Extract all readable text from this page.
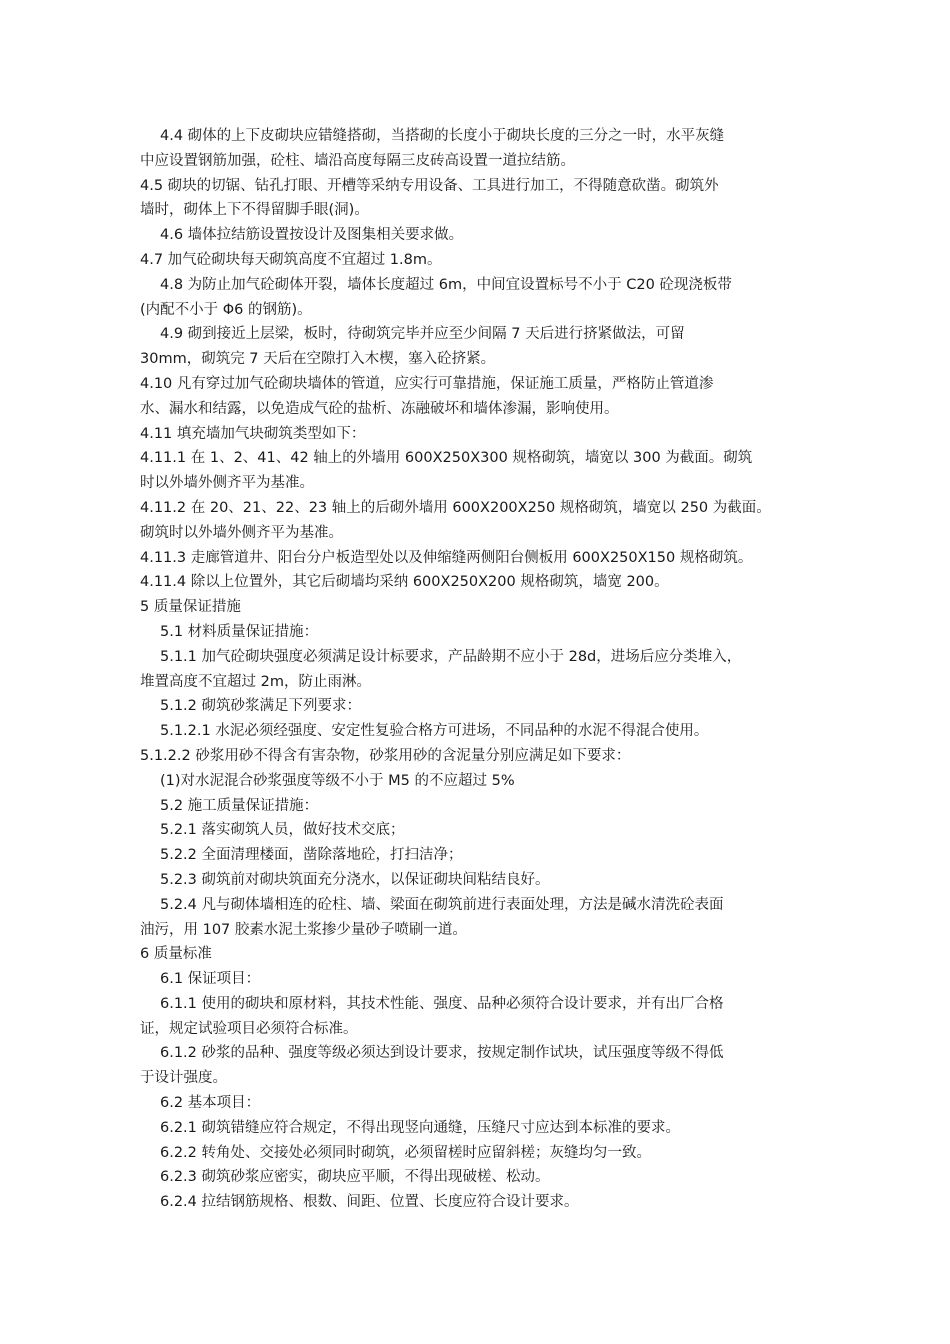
4.4 砌体的上下皮砌块应错缝搭砌，当搭砌的长度小于砌块长度的三分之一时，水平灰缝

中应设置钢筋加强，砼柱、墙沿高度每隔三皮砖高设置一道拉结筋。

4.5 砌块的切锯、钻孔打眼、开槽等采纳专用设备、工具进行加工，不得随意砍凿。砌筑外

墙时，砌体上下不得留脚手眼(洞)。

4.6 墙体拉结筋设置按设计及图集相关要求做。

4.7 加气砼砌块每天砌筑高度不宜超过 1.8m。

4.8 为防止加气砼砌体开裂，墙体长度超过 6m，中间宜设置标号不小于 C20 砼现浇板带

(内配不小于 Φ6 的钢筋)。

4.9 砌到接近上层梁，板时，待砌筑完毕并应至少间隔 7 天后进行挤紧做法，可留

30mm，砌筑完 7 天后在空隙打入木楔，塞入砼挤紧。

4.10 凡有穿过加气砼砌块墙体的管道，应实行可靠措施，保证施工质量，严格防止管道渗

水、漏水和结露，以免造成气砼的盐析、冻融破坏和墙体渗漏，影响使用。

4.11 填充墙加气块砌筑类型如下：

4.11.1 在 1、2、41、42 轴上的外墙用 600X250X300 规格砌筑，墙宽以 300 为截面。砌筑

时以外墙外侧齐平为基准。

4.11.2 在 20、21、22、23 轴上的后砌外墙用 600X200X250 规格砌筑，墙宽以 250 为截面。

砌筑时以外墙外侧齐平为基准。

4.11.3 走廊管道井、阳台分户板造型处以及伸缩缝两侧阳台侧板用 600X250X150 规格砌筑。

4.11.4 除以上位置外，其它后砌墙均采纳 600X250X200 规格砌筑，墙宽 200。

5 质量保证措施

5.1 材料质量保证措施：

5.1.1 加气砼砌块强度必须满足设计标要求，产品龄期不应小于 28d，进场后应分类堆入，

堆置高度不宜超过 2m，防止雨淋。

5.1.2 砌筑砂浆满足下列要求：

5.1.2.1 水泥必须经强度、安定性复验合格方可进场，不同品种的水泥不得混合使用。

5.1.2.2 砂浆用砂不得含有害杂物，砂浆用砂的含泥量分别应满足如下要求：

(1)对水泥混合砂浆强度等级不小于 M5 的不应超过 5%

5.2 施工质量保证措施：

5.2.1 落实砌筑人员，做好技术交底；

5.2.2 全面清理楼面，凿除落地砼，打扫洁净；

5.2.3 砌筑前对砌块筑面充分浇水，以保证砌块间粘结良好。

5.2.4 凡与砌体墙相连的砼柱、墙、梁面在砌筑前进行表面处理，方法是碱水清洗砼表面

油污，用 107 胶素水泥土浆掺少量砂子喷刷一道。

6 质量标准

6.1 保证项目：

6.1.1 使用的砌块和原材料，其技术性能、强度、品种必须符合设计要求，并有出厂合格

证，规定试验项目必须符合标准。

6.1.2 砂浆的品种、强度等级必须达到设计要求，按规定制作试块，试压强度等级不得低

于设计强度。

6.2 基本项目：

6.2.1 砌筑错缝应符合规定，不得出现竖向通缝，压缝尺寸应达到本标准的要求。

6.2.2 转角处、交接处必须同时砌筑，必须留槎时应留斜槎；灰缝均匀一致。

6.2.3 砌筑砂浆应密实，砌块应平顺，不得出现破槎、松动。

6.2.4 拉结钢筋规格、根数、间距、位置、长度应符合设计要求。
